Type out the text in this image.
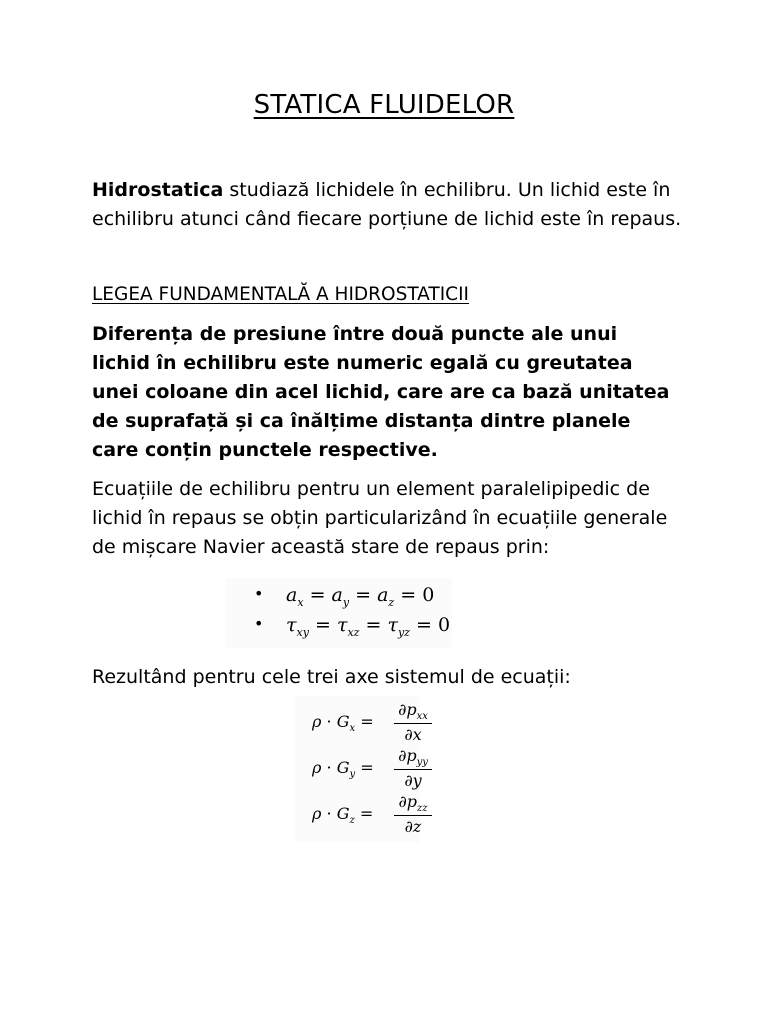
STATICA FLUIDELOR

Hidrostatica studiază lichidele în echilibru. Un lichid este în echilibru atunci când fiecare porțiune de lichid este în repaus.

LEGEA FUNDAMENTALĂ A HIDROSTATICII

Diferența de presiune între două puncte ale unui lichid în echilibru este numeric egală cu greutatea unei coloane din acel lichid, care are ca bază unitatea de suprafață și ca înălțime distanța dintre planele care conțin punctele respective.

Ecuațiile de echilibru pentru un element paralelipipedic de lichid în repaus se obțin particularizând în ecuațiile generale de mișcare Navier această stare de repaus prin:

• $a_x = a_y = a_z = 0$
• $\tau_{xy} = \tau_{xz} = \tau_{yz} = 0$

Rezultând pentru cele trei axe sistemul de ecuații:

$\rho \cdot G_x$ =
$\partial p_{xx}$
∂x
$\rho \cdot G_y$ =
$\partial p_{yy}$
∂y
$\rho \cdot G_z$ =
$\partial p_{zz}$
∂z
